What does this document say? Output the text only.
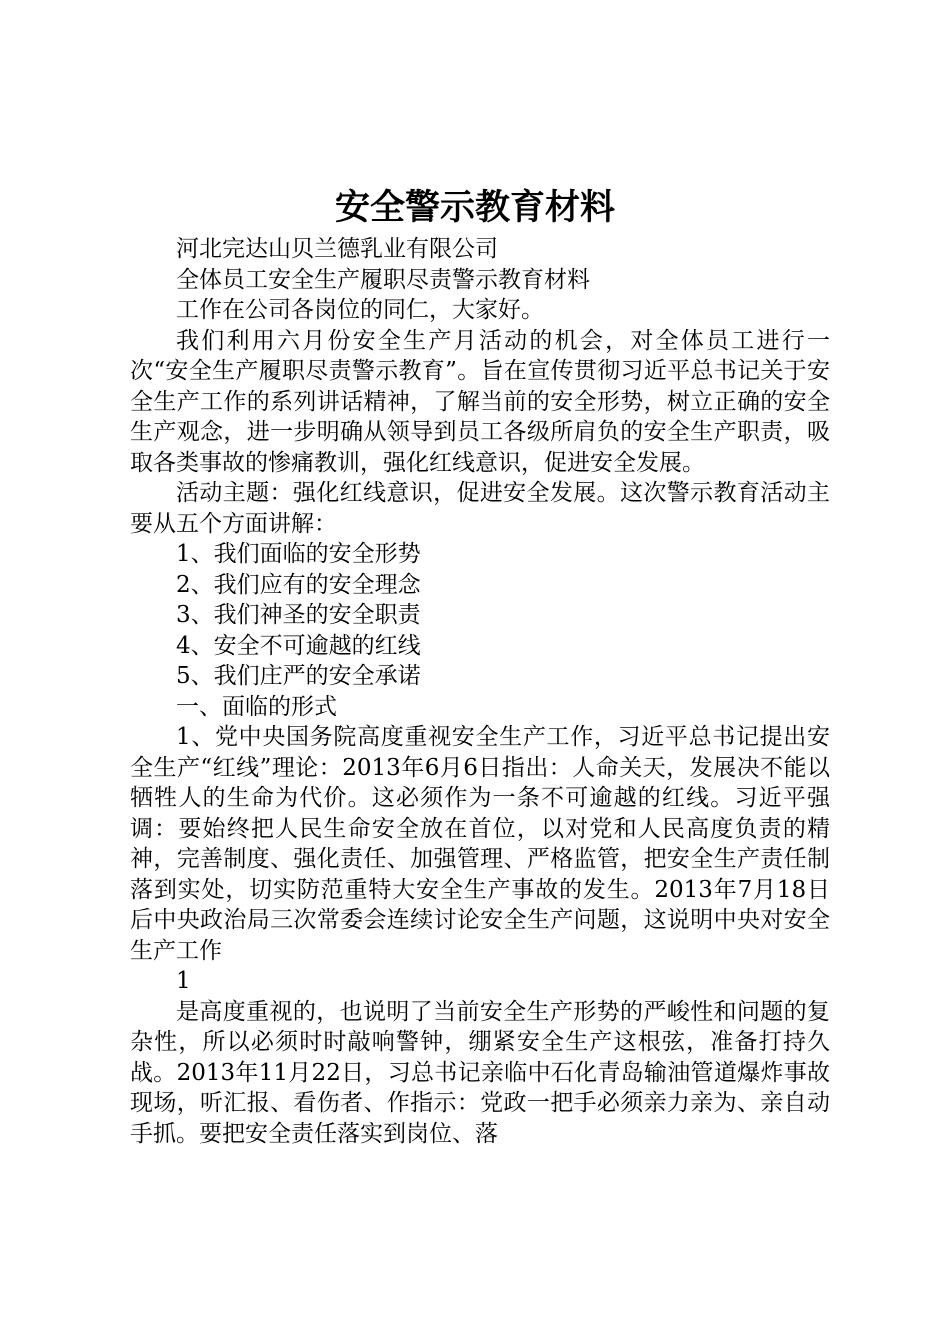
安全警示教育材料

河北完达山贝兰德乳业有限公司

全体员工安全生产履职尽责警示教育材料

工作在公司各岗位的同仁，大家好。

我们利用六月份安全生产月活动的机会，对全体员工进行一次“安全生产履职尽责警示教育”。旨在宣传贯彻习近平总书记关于安全生产工作的系列讲话精神，了解当前的安全形势，树立正确的安全生产观念，进一步明确从领导到员工各级所肩负的安全生产职责，吸取各类事故的惨痛教训，强化红线意识，促进安全发展。

活动主题：强化红线意识，促进安全发展。这次警示教育活动主要从五个方面讲解：

1、我们面临的安全形势

2、我们应有的安全理念

3、我们神圣的安全职责

4、安全不可逾越的红线

5、我们庄严的安全承诺

一、面临的形式

1、党中央国务院高度重视安全生产工作，习近平总书记提出安全生产“红线”理论：2013年6月6日指出：人命关天，发展决不能以牺牲人的生命为代价。这必须作为一条不可逾越的红线。习近平强调：要始终把人民生命安全放在首位，以对党和人民高度负责的精神，完善制度、强化责任、加强管理、严格监管，把安全生产责任制落到实处，切实防范重特大安全生产事故的发生。2013年7月18日后中央政治局三次常委会连续讨论安全生产问题，这说明中央对安全生产工作

1

是高度重视的，也说明了当前安全生产形势的严峻性和问题的复杂性，所以必须时时敲响警钟，绷紧安全生产这根弦，准备打持久战。2013年11月22日，习总书记亲临中石化青岛输油管道爆炸事故现场，听汇报、看伤者、作指示：党政一把手必须亲力亲为、亲自动手抓。要把安全责任落实到岗位、落
